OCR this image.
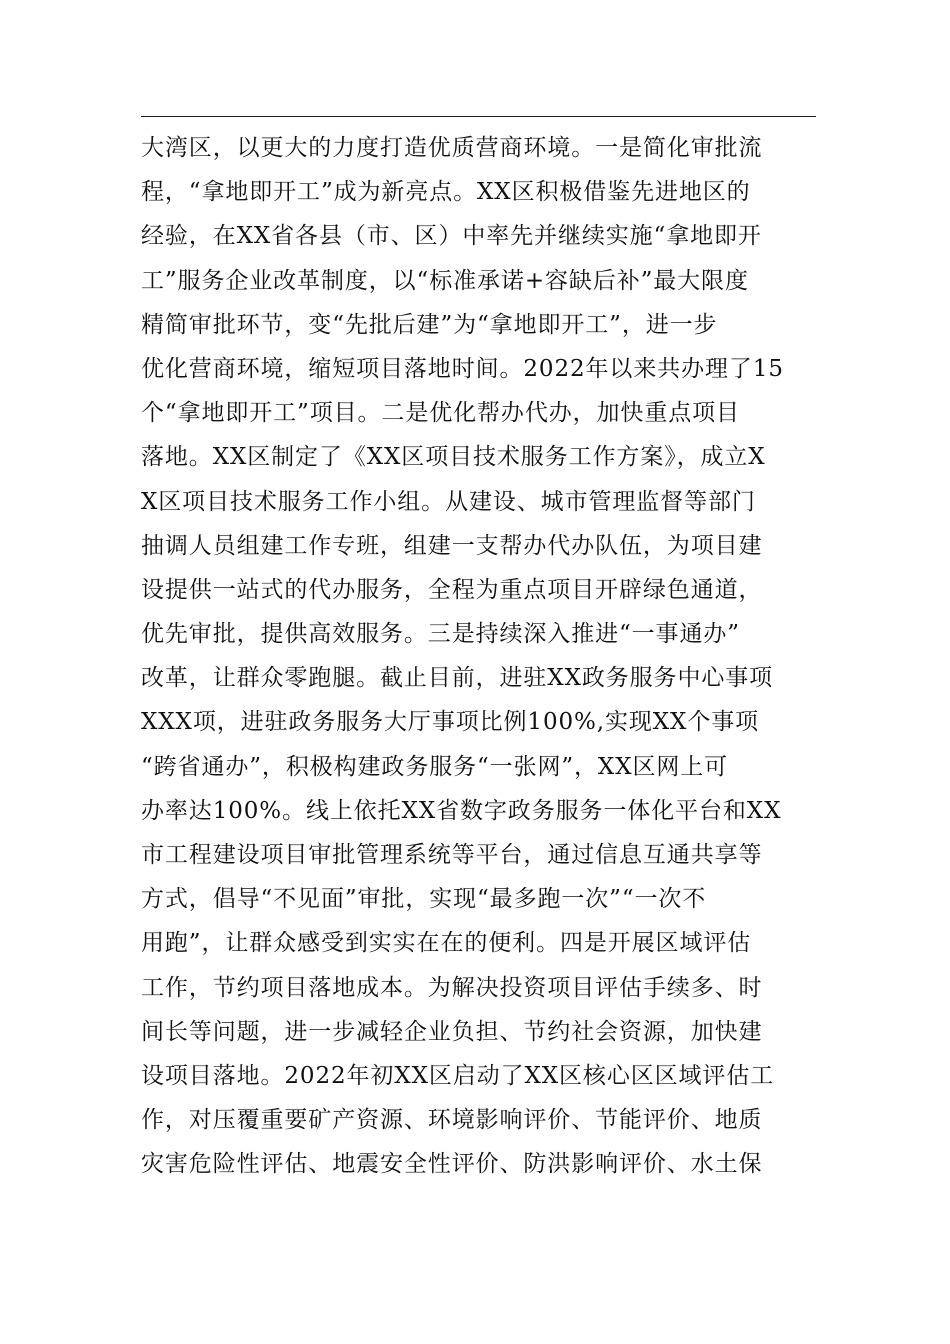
大湾区，以更大的力度打造优质营商环境。一是简化审批流
程，“拿地即开工”成为新亮点。XX区积极借鉴先进地区的
经验，在XX省各县（市、区）中率先并继续实施“拿地即开
工”服务企业改革制度，以“标准承诺+容缺后补”最大限度
精简审批环节，变“先批后建”为“拿地即开工”，进一步
优化营商环境，缩短项目落地时间。2022年以来共办理了15
个“拿地即开工”项目。二是优化帮办代办，加快重点项目
落地。XX区制定了《XX区项目技术服务工作方案》，成立X
X区项目技术服务工作小组。从建设、城市管理监督等部门
抽调人员组建工作专班，组建一支帮办代办队伍，为项目建
设提供一站式的代办服务，全程为重点项目开辟绿色通道，
优先审批，提供高效服务。三是持续深入推进“一事通办”
改革，让群众零跑腿。截止目前，进驻XX政务服务中心事项
XXX项，进驻政务服务大厅事项比例100%,实现XX个事项
“跨省通办”，积极构建政务服务“一张网”，XX区网上可
办率达100%。线上依托XX省数字政务服务一体化平台和XX
市工程建设项目审批管理系统等平台，通过信息互通共享等
方式，倡导“不见面”审批，实现“最多跑一次”“一次不
用跑”，让群众感受到实实在在的便利。四是开展区域评估
工作，节约项目落地成本。为解决投资项目评估手续多、时
间长等问题，进一步减轻企业负担、节约社会资源，加快建
设项目落地。2022年初XX区启动了XX区核心区区域评估工
作，对压覆重要矿产资源、环境影响评价、节能评价、地质
灾害危险性评估、地震安全性评价、防洪影响评价、水土保
